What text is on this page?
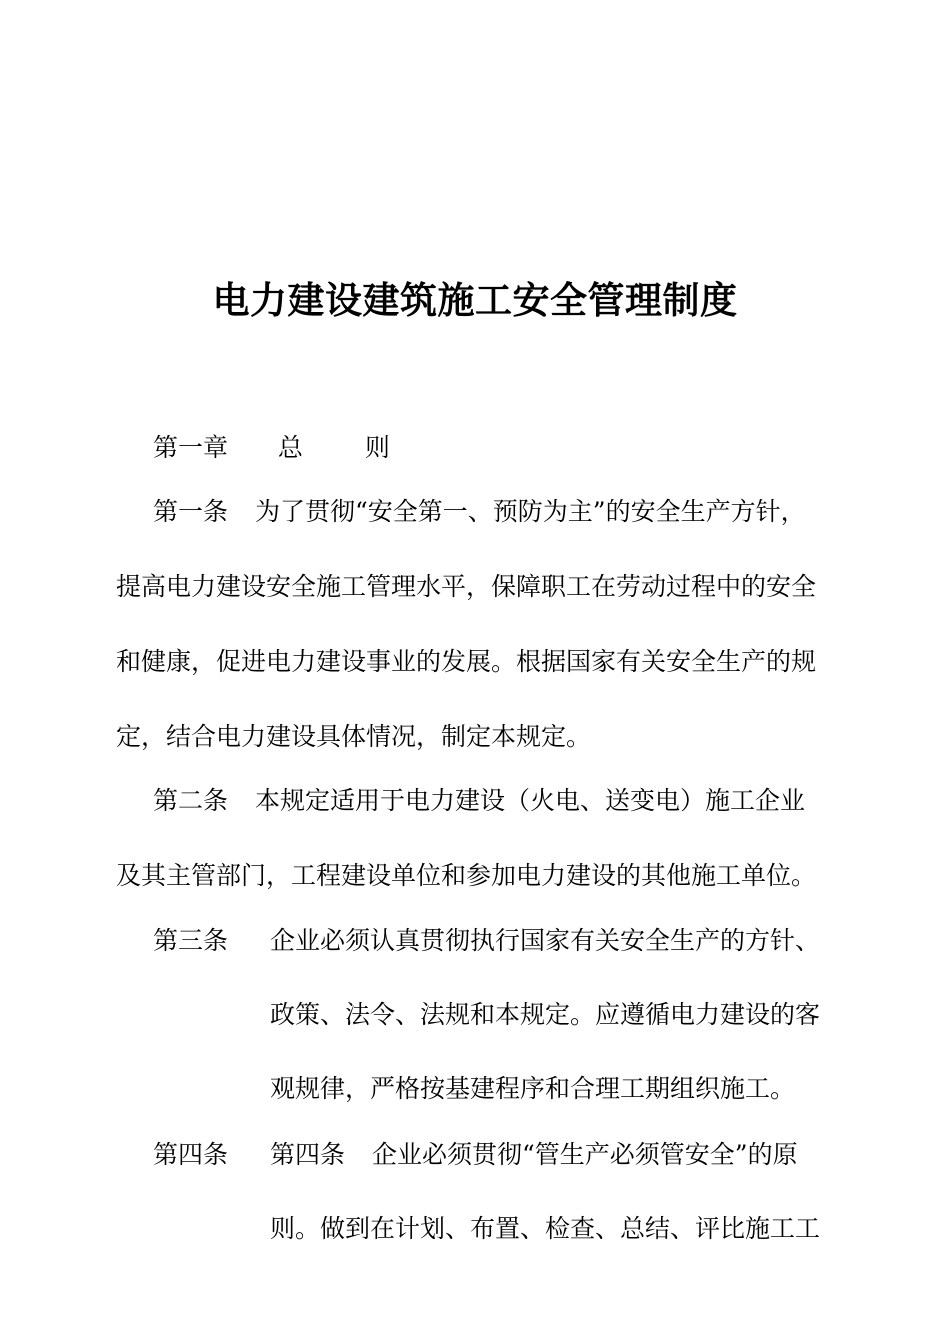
电力建设建筑施工安全管理制度
第一章 总 则
第一条 为了贯彻“安全第一、预防为主”的安全生产方针，
提高电力建设安全施工管理水平，保障职工在劳动过程中的安全
和健康，促进电力建设事业的发展。根据国家有关安全生产的规
定，结合电力建设具体情况，制定本规定。
第二条 本规定适用于电力建设（火电、送变电）施工企业
及其主管部门，工程建设单位和参加电力建设的其他施工单位。
第三条 企业必须认真贯彻执行国家有关安全生产的方针、
政策、法令、法规和本规定。应遵循电力建设的客
观规律，严格按基建程序和合理工期组织施工。
第四条 第四条 企业必须贯彻“管生产必须管安全”的原
则。做到在计划、布置、检查、总结、评比施工工
